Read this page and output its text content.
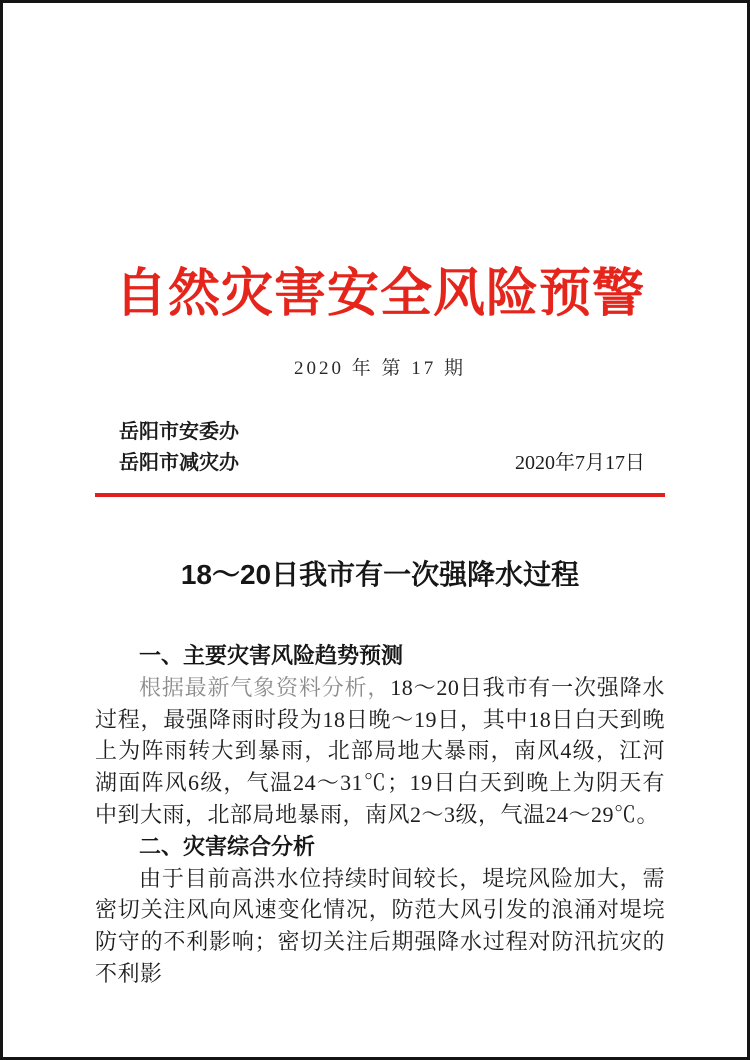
自然灾害安全风险预警
2020 年 第 17 期
岳阳市安委办
岳阳市减灾办	2020年7月17日
18～20日我市有一次强降水过程
一、主要灾害风险趋势预测

根据最新气象资料分析，18～20日我市有一次强降水过程，最强降雨时段为18日晚～19日，其中18日白天到晚上为阵雨转大到暴雨，北部局地大暴雨，南风4级，江河湖面阵风6级，气温24～31℃；19日白天到晚上为阴天有中到大雨，北部局地暴雨，南风2～3级，气温24～29℃。

二、灾害综合分析

由于目前高洪水位持续时间较长，堤垸风险加大，需密切关注风向风速变化情况，防范大风引发的浪涌对堤垸防守的不利影响；密切关注后期强降水过程对防汛抗灾的不利影
